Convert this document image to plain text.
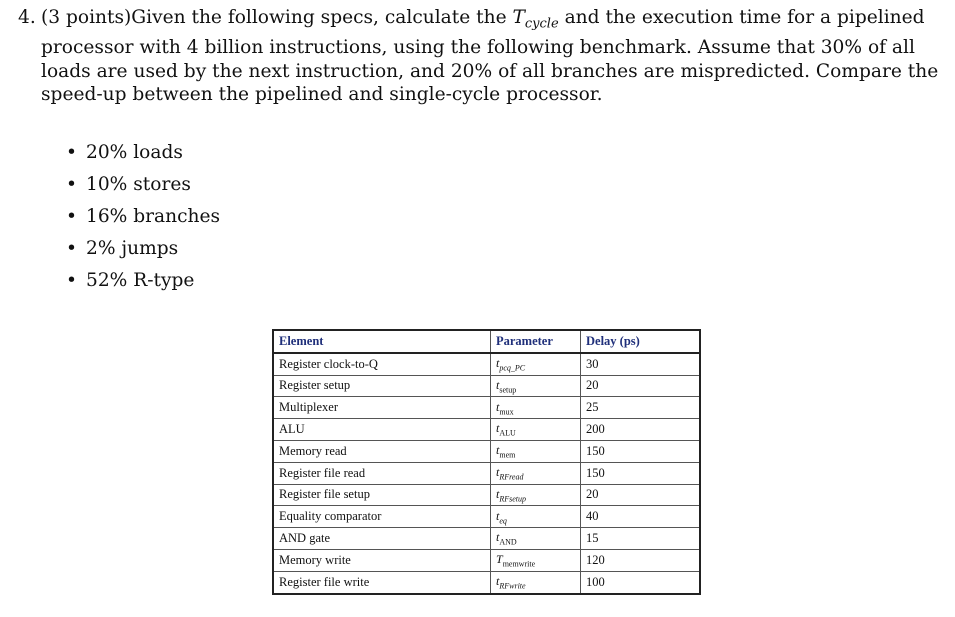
4. (3 points)Given the following specs, calculate the $T_{cycle}$ and the execution time for a pipelined processor with 4 billion instructions, using the following benchmark. Assume that 30% of all loads are used by the next instruction, and 20% of all branches are mispredicted. Compare the speed-up between the pipelined and single-cycle processor.
• 20% loads
• 10% stores
• 16% branches
• 2% jumps
• 52% R-type
Element	Parameter	Delay (ps)
Register clock-to-Q	$t_{pcq\_PC}$	30
Register setup	$t_{setup}$	20
Multiplexer	$t_{mux}$	25
ALU	$t_{ALU}$	200
Memory read	$t_{mem}$	150
Register file read	$t_{RFread}$	150
Register file setup	$t_{RFsetup}$	20
Equality comparator	$t_{eq}$	40
AND gate	$t_{AND}$	15
Memory write	$T_{memwrite}$	120
Register file write	$t_{RFwrite}$	100
